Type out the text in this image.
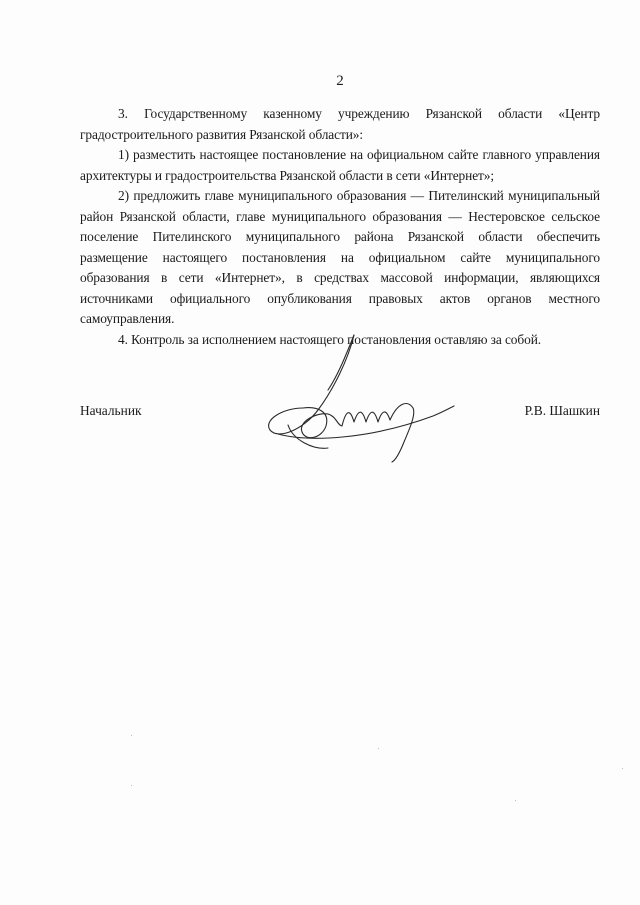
2

3. Государственному казенному учреждению Рязанской области «Центр градостроительного развития Рязанской области»:

1) разместить настоящее постановление на официальном сайте главного управления архитектуры и градостроительства Рязанской области в сети «Интернет»;

2) предложить главе муниципального образования — Пителинский муниципальный район Рязанской области, главе муниципального образования — Нестеровское сельское поселение Пителинского муниципального района Рязанской области обеспечить размещение настоящего постановления на официальном сайте муниципального образования в сети «Интернет», в средствах массовой информации, являющихся источниками официального опубликования правовых актов органов местного самоуправления.

4. Контроль за исполнением настоящего постановления оставляю за собой.

Начальник	Р.В. Шашкин
